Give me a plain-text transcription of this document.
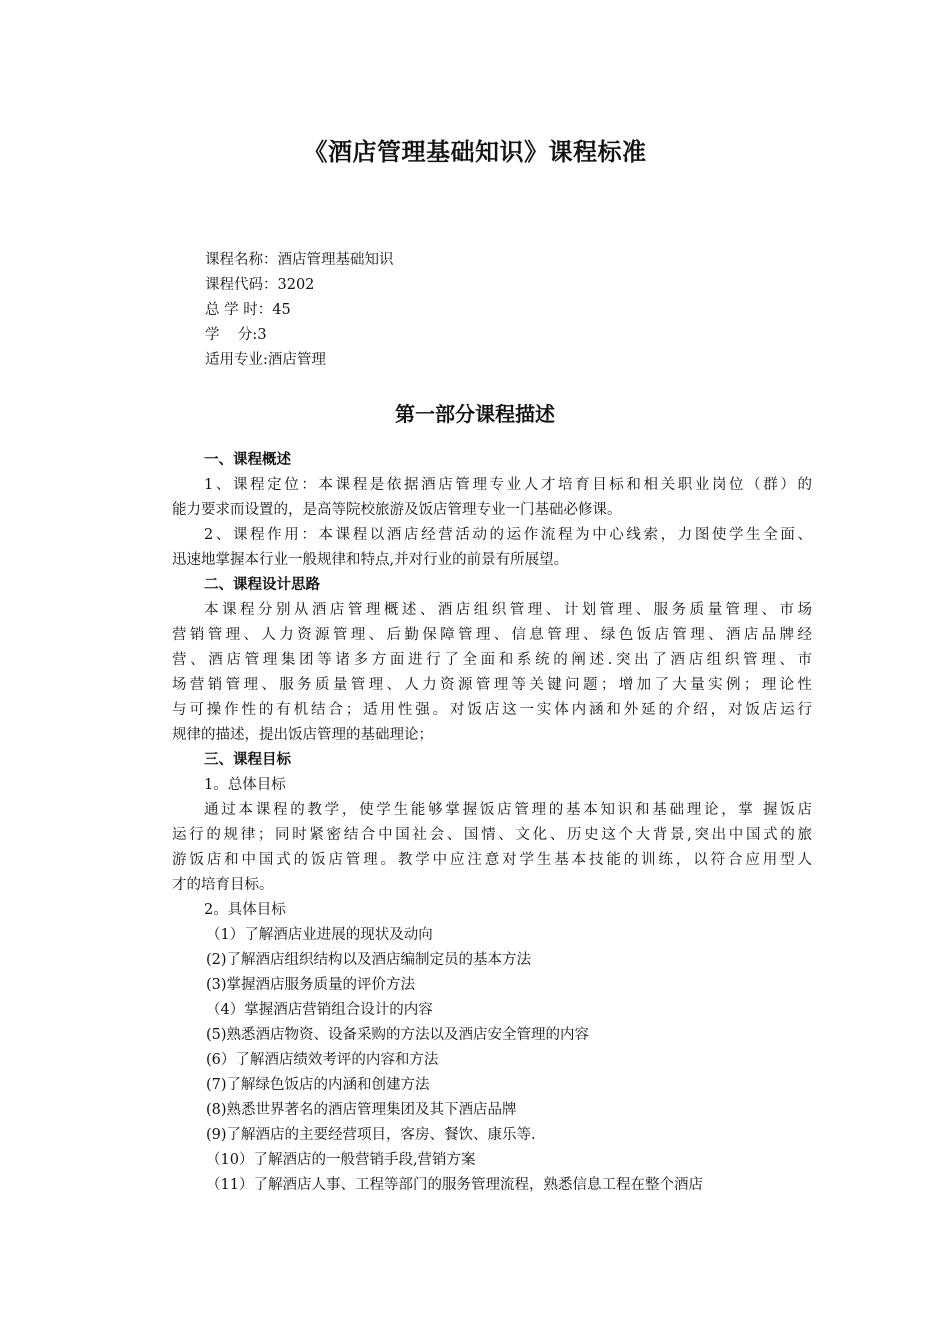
《酒店管理基础知识》课程标准
课程名称：酒店管理基础知识
课程代码：3202
总 学 时：45
学    分:3
适用专业:酒店管理
第一部分课程描述
一、课程概述
1、课程定位：本课程是依据酒店管理专业人才培育目标和相关职业岗位（群）的
能力要求而设置的，是高等院校旅游及饭店管理专业一门基础必修课。
2、课程作用：本课程以酒店经营活动的运作流程为中心线索，力图使学生全面、
迅速地掌握本行业一般规律和特点,并对行业的前景有所展望。
二、课程设计思路
本课程分别从酒店管理概述、酒店组织管理、计划管理、服务质量管理、市场
营销管理、人力资源管理、后勤保障管理、信息管理、绿色饭店管理、酒店品牌经
营、酒店管理集团等诸多方面进行了全面和系统的阐述.突出了酒店组织管理、市
场营销管理、服务质量管理、人力资源管理等关键问题；增加了大量实例；理论性
与可操作性的有机结合；适用性强。对饭店这一实体内涵和外延的介绍，对饭店运行
规律的描述，提出饭店管理的基础理论；
三、课程目标
1。总体目标
通过本课程的教学，使学生能够掌握饭店管理的基本知识和基础理论，掌 握饭店
运行的规律；同时紧密结合中国社会、国情、文化、历史这个大背景,突出中国式的旅
游饭店和中国式的饭店管理。教学中应注意对学生基本技能的训练，以符合应用型人
才的培育目标。
2。具体目标
（1）了解酒店业进展的现状及动向
(2)了解酒店组织结构以及酒店编制定员的基本方法
(3)掌握酒店服务质量的评价方法
（4）掌握酒店营销组合设计的内容
(5)熟悉酒店物资、设备采购的方法以及酒店安全管理的内容
(6）了解酒店绩效考评的内容和方法
(7)了解绿色饭店的内涵和创建方法
(8)熟悉世界著名的酒店管理集团及其下酒店品牌
(9)了解酒店的主要经营项目，客房、餐饮、康乐等.
（10）了解酒店的一般营销手段,营销方案
（11）了解酒店人事、工程等部门的服务管理流程，熟悉信息工程在整个酒店
